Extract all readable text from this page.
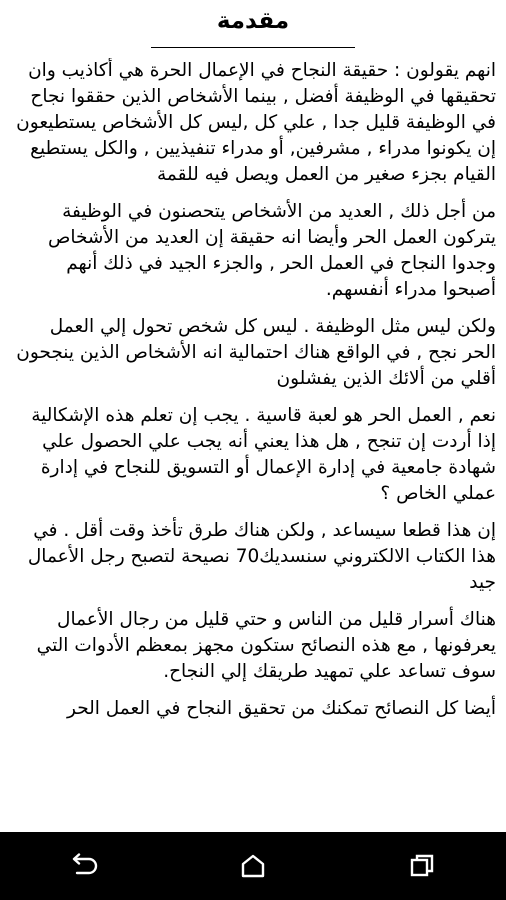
مقدمة

انهم يقولون : حقيقة النجاح في الإعمال الحرة هي أكاذيب وان تحقيقها في الوظيفة أفضل , بينما الأشخاص الذين حققوا نجاح في الوظيفة قليل جدا , علي كل ,ليس كل الأشخاص يستطيعون إن يكونوا مدراء , مشرفين, أو مدراء تنفيذيين , والكل يستطيع القيام بجزء صغير من العمل ويصل فيه للقمة

من أجل ذلك , العديد من الأشخاص يتحصنون في الوظيفة يتركون العمل الحر وأيضا انه حقيقة إن العديد من الأشخاص وجدوا النجاح في العمل الحر , والجزء الجيد في ذلك أنهم أصبحوا مدراء أنفسهم.

ولكن ليس مثل الوظيفة . ليس كل شخص تحول إلي العمل الحر نجح , في الواقع هناك احتمالية انه الأشخاص الذين ينجحون أقلي من ألائك الذين يفشلون

نعم , العمل الحر هو لعبة قاسية . يجب إن تعلم هذه الإشكالية إذا أردت إن تنجح , هل هذا يعني أنه يجب علي الحصول علي شهادة جامعية في إدارة الإعمال أو التسويق للنجاح في إدارة عملي الخاص ؟

إن هذا قطعا سيساعد , ولكن هناك طرق تأخذ وقت أقل . في هذا الكتاب الالكتروني سنسديك70 نصيحة لتصبح رجل الأعمال جيد

هناك أسرار قليل من الناس و حتي قليل من رجال الأعمال يعرفونها , مع هذه النصائح ستكون مجهز بمعظم الأدوات التي سوف تساعد علي تمهيد طريقك إلي النجاح.

أيضا كل النصائح تمكنك من تحقيق النجاح في العمل الحر
